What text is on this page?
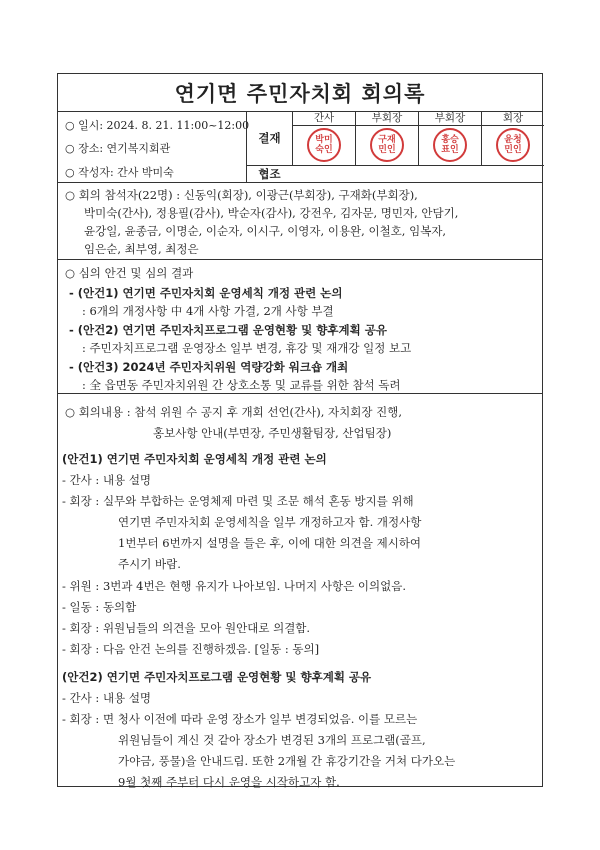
연기면 주민자치회 회의록
○ 일시: 2024. 8. 21. 11:00~12:00
○ 장소: 연기복지회관
○ 작성자: 간사 박미숙
결재
협조
간사
박미
숙인
부회장
구재
민인
부회장
홍승
표인
회장
윤청
민인
○ 회의 참석자(22명) : 신동익(회장), 이광근(부회장), 구재화(부회장),
박미숙(간사), 정용필(감사), 박순자(감사), 강전우, 김자문, 명민자, 안담기,
윤강일, 윤종금, 이명순, 이순자, 이시구, 이영자, 이용완, 이철호, 임복자,
임은순, 최부영, 최정은
○ 심의 안건 및 심의 결과
- (안건1) 연기면 주민자치회 운영세칙 개정 관련 논의
: 6개의 개정사항 中 4개 사항 가결, 2개 사항 부결
- (안건2) 연기면 주민자치프로그램 운영현황 및 향후계획 공유
: 주민자치프로그램 운영장소 일부 변경, 휴강 및 재개강 일정 보고
- (안건3) 2024년 주민자치위원 역량강화 워크숍 개최
: 全 읍면동 주민자치위원 간 상호소통 및 교류를 위한 참석 독려
○ 회의내용 : 참석 위원 수 공지 후 개회 선언(간사), 자치회장 진행,
홍보사항 안내(부면장, 주민생활팀장, 산업팀장)
(안건1) 연기면 주민자치회 운영세칙 개정 관련 논의
- 간사 : 내용 설명
- 회장 : 실무와 부합하는 운영체제 마련 및 조문 해석 혼동 방지를 위해
연기면 주민자치회 운영세칙을 일부 개정하고자 함. 개정사항
1번부터 6번까지 설명을 들은 후, 이에 대한 의견을 제시하여
주시기 바람.
- 위원 : 3번과 4번은 현행 유지가 나아보임. 나머지 사항은 이의없음.
- 일동 : 동의함
- 회장 : 위원님들의 의견을 모아 원안대로 의결함.
- 회장 : 다음 안건 논의를 진행하겠음. [일동 : 동의]
(안건2) 연기면 주민자치프로그램 운영현황 및 향후계획 공유
- 간사 : 내용 설명
- 회장 : 면 청사 이전에 따라 운영 장소가 일부 변경되었음. 이를 모르는
위원님들이 계신 것 같아 장소가 변경된 3개의 프로그램(골프,
가야금, 풍물)을 안내드림. 또한 2개월 간 휴강기간을 거쳐 다가오는
9월 첫째 주부터 다시 운영을 시작하고자 함.
